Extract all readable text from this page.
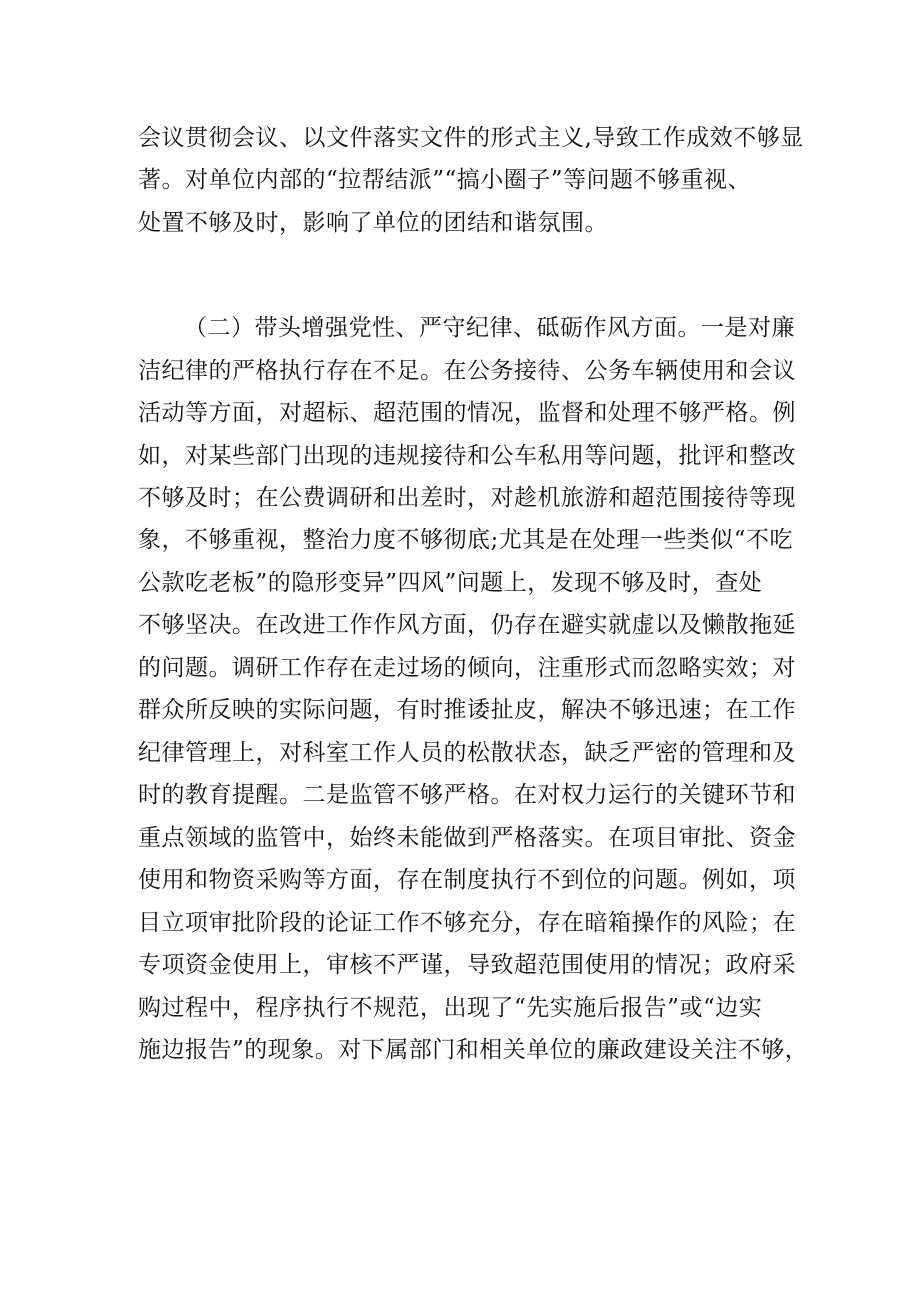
会议贯彻会议、以文件落实文件的形式主义,导致工作成效不够显
著。对单位内部的“拉帮结派”“搞小圈子”等问题不够重视、
处置不够及时，影响了单位的团结和谐氛围。
（二）带头增强党性、严守纪律、砥砺作风方面。一是对廉
洁纪律的严格执行存在不足。在公务接待、公务车辆使用和会议
活动等方面，对超标、超范围的情况，监督和处理不够严格。例
如，对某些部门出现的违规接待和公车私用等问题，批评和整改
不够及时；在公费调研和出差时，对趁机旅游和超范围接待等现
象，不够重视，整治力度不够彻底;尤其是在处理一些类似“不吃
公款吃老板”的隐形变异”四风”问题上，发现不够及时，查处
不够坚决。在改进工作作风方面，仍存在避实就虚以及懒散拖延
的问题。调研工作存在走过场的倾向，注重形式而忽略实效；对
群众所反映的实际问题，有时推诿扯皮，解决不够迅速；在工作
纪律管理上，对科室工作人员的松散状态，缺乏严密的管理和及
时的教育提醒。二是监管不够严格。在对权力运行的关键环节和
重点领域的监管中，始终未能做到严格落实。在项目审批、资金
使用和物资采购等方面，存在制度执行不到位的问题。例如，项
目立项审批阶段的论证工作不够充分，存在暗箱操作的风险；在
专项资金使用上，审核不严谨，导致超范围使用的情况；政府采
购过程中，程序执行不规范，出现了“先实施后报告”或“边实
施边报告”的现象。对下属部门和相关单位的廉政建设关注不够，
